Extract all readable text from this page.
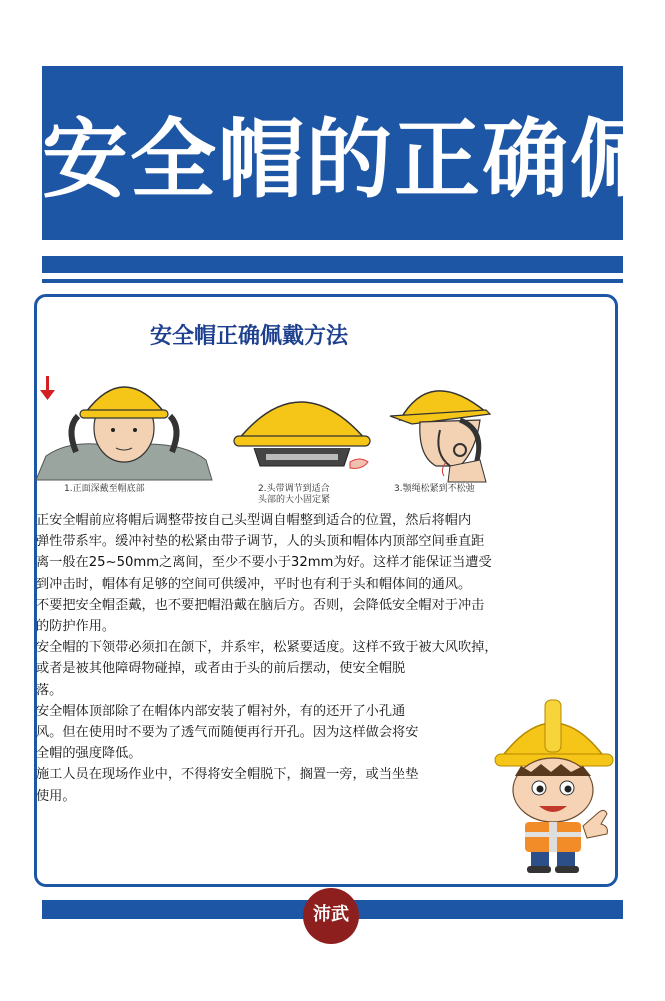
安全帽的正确佩
安全帽正确佩戴方法
1.正面深戴至帽底部	2.头带调节到适合
头部的大小固定紧
3.颚绳松紧到不松弛

正安全帽前应将帽后调整带按自己头型调自帽整到适合的位置，然后将帽内

弹性带系牢。缓冲衬垫的松紧由带子调节，人的头顶和帽体内顶部空间垂直距

离一般在25~50mm之离间，至少不要小于32mm为好。这样才能保证当遭受

到冲击时，帽体有足够的空间可供缓冲，平时也有利于头和帽体间的通风。

不要把安全帽歪戴，也不要把帽沿戴在脑后方。否则，会降低安全帽对于冲击

的防护作用。

安全帽的下领带必须扣在颌下，并系牢，松紧要适度。这样不致于被大风吹掉，

或者是被其他障碍物碰掉，或者由于头的前后摆动，使安全帽脱

落。

安全帽体顶部除了在帽体内部安装了帽衬外，有的还开了小孔通

风。但在使用时不要为了透气而随便再行开孔。因为这样做会将安

全帽的强度降低。

施工人员在现场作业中，不得将安全帽脱下，搁置一旁，或当坐垫

使用。

沛武
